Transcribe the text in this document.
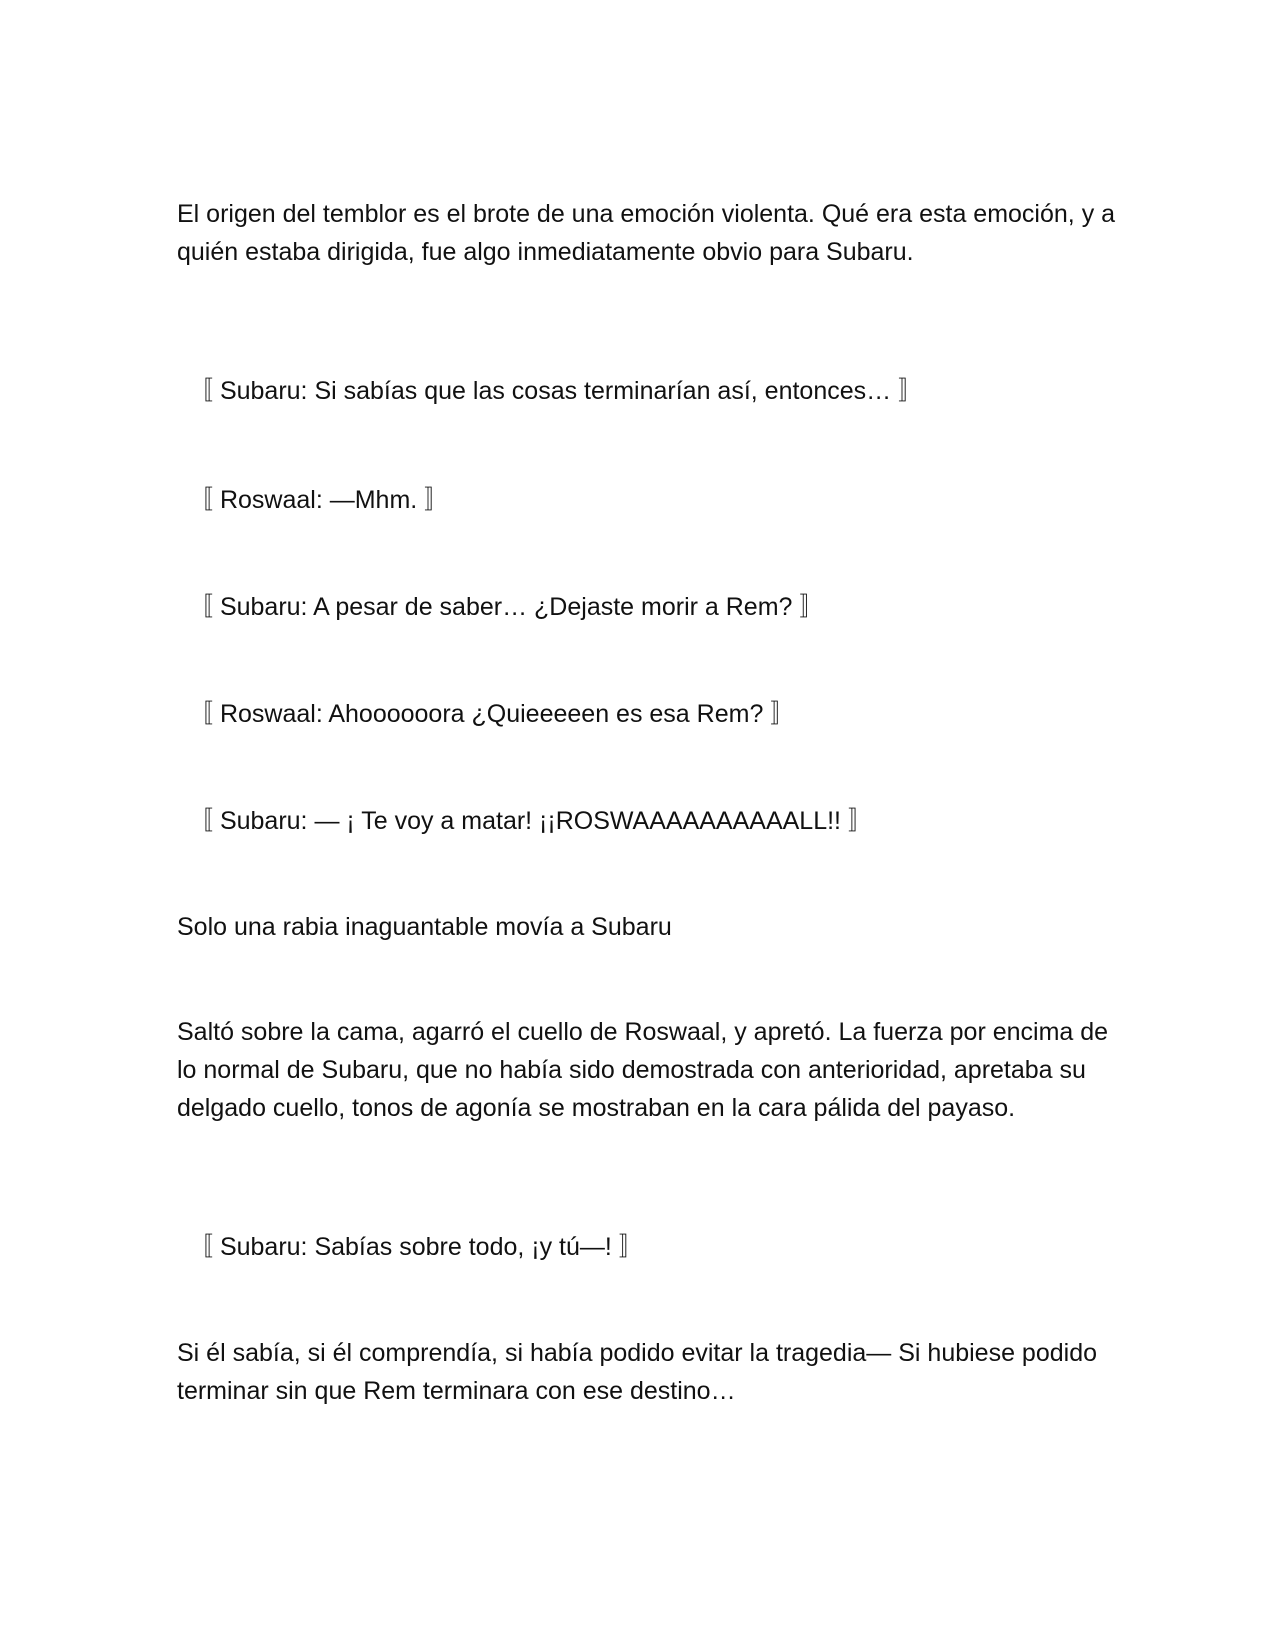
El origen del temblor es el brote de una emoción violenta. Qué era esta emoción, y a quién estaba dirigida, fue algo inmediatamente obvio para Subaru.

〚 Subaru: Si sabías que las cosas terminarían así, entonces… 〛

〚 Roswaal: —Mhm. 〛

〚 Subaru: A pesar de saber… ¿Dejaste morir a Rem? 〛

〚 Roswaal: Ahoooooora ¿Quieeeeen es esa Rem? 〛

〚 Subaru: — ¡ Te voy a matar! ¡¡ROSWAAAAAAAAAALL!! 〛

Solo una rabia inaguantable movía a Subaru

Saltó sobre la cama, agarró el cuello de Roswaal, y apretó. La fuerza por encima de lo normal de Subaru, que no había sido demostrada con anterioridad, apretaba su delgado cuello, tonos de agonía se mostraban en la cara pálida del payaso.

〚 Subaru: Sabías sobre todo, ¡y tú—! 〛

Si él sabía, si él comprendía, si había podido evitar la tragedia— Si hubiese podido terminar sin que Rem terminara con ese destino…
